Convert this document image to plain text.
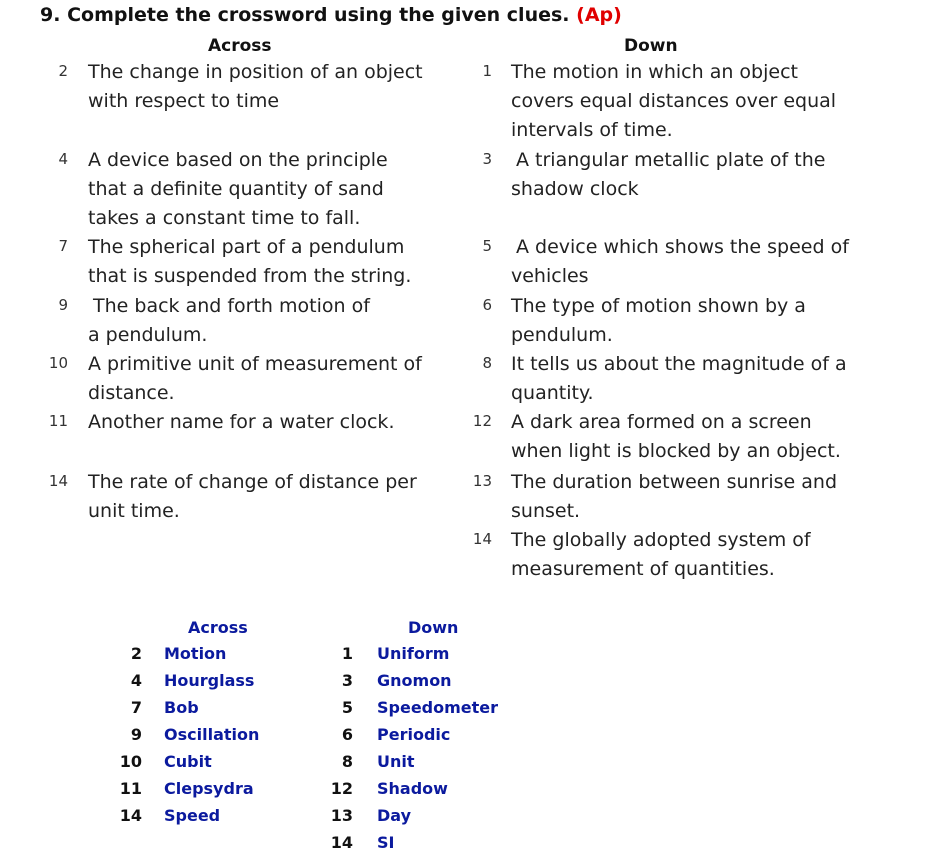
9. Complete the crossword using the given clues. (Ap)
Across	Down
2 The change in position of an object
with respect to time
4 A device based on the principle
that a definite quantity of sand
takes a constant time to fall.
7 The spherical part of a pendulum
that is suspended from the string.
9 The back and forth motion of
a pendulum.
10 A primitive unit of measurement of
distance.
11 Another name for a water clock.
14 The rate of change of distance per
unit time.
1 The motion in which an object
covers equal distances over equal
intervals of time.
3 A triangular metallic plate of the
shadow clock
5 A device which shows the speed of
vehicles
6 The type of motion shown by a
pendulum.
8 It tells us about the magnitude of a
quantity.
12 A dark area formed on a screen
when light is blocked by an object.
13 The duration between sunrise and
sunset.
14 The globally adopted system of
measurement of quantities.
Across	Down
2 Motion
4 Hourglass
7 Bob
9 Oscillation
10 Cubit
11 Clepsydra
14 Speed
1 Uniform
3 Gnomon
5 Speedometer
6 Periodic
8 Unit
12 Shadow
13 Day
14 SI
